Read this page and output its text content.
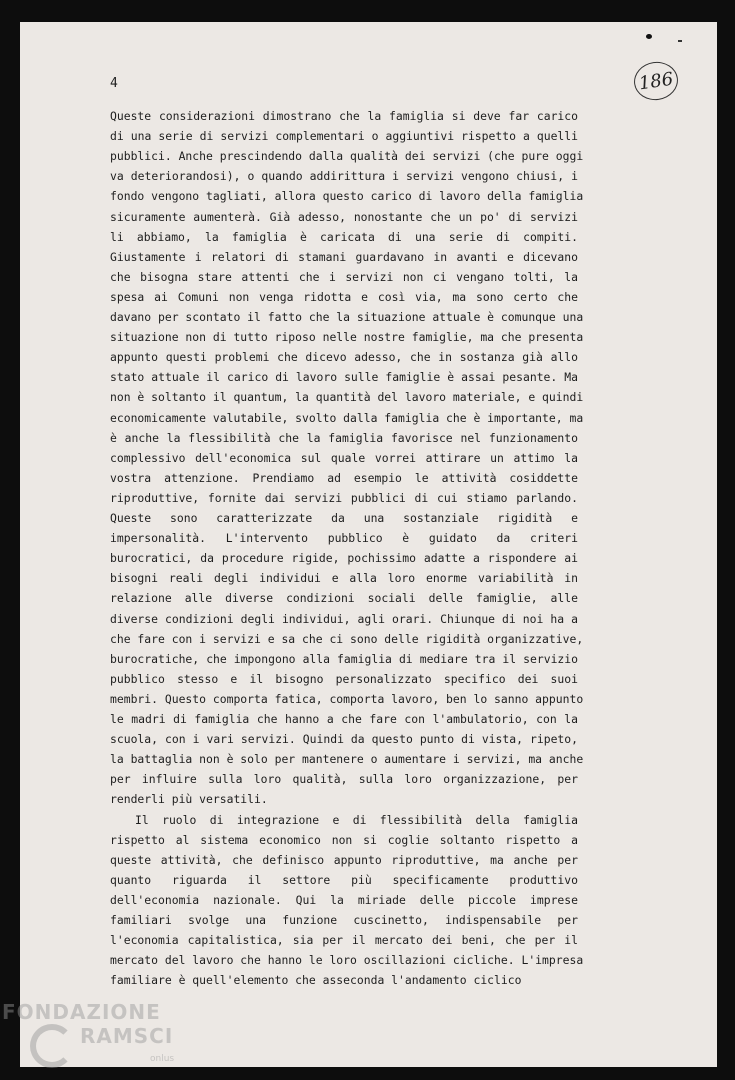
4	186
Queste considerazioni dimostrano che la famiglia si deve far carico
di una serie di servizi complementari o aggiuntivi rispetto a quelli
pubblici. Anche prescindendo dalla qualità dei servizi (che pure oggi
va deteriorandosi), o quando addirittura i servizi vengono chiusi, i
fondo vengono tagliati, allora questo carico di lavoro della famiglia
sicuramente aumenterà. Già adesso, nonostante che un po' di servizi
li abbiamo, la famiglia è caricata di una serie di compiti.
Giustamente i relatori di stamani guardavano in avanti e dicevano
che bisogna stare attenti che i servizi non ci vengano tolti, la
spesa ai Comuni non venga ridotta e così via, ma sono certo che
davano per scontato il fatto che la situazione attuale è comunque una
situazione non di tutto riposo nelle nostre famiglie, ma che presenta
appunto questi problemi che dicevo adesso, che in sostanza già allo
stato attuale il carico di lavoro sulle famiglie è assai pesante. Ma
non è soltanto il quantum, la quantità del lavoro materiale, e quindi
economicamente valutabile, svolto dalla famiglia che è importante, ma
è anche la flessibilità che la famiglia favorisce nel funzionamento
complessivo dell'economica sul quale vorrei attirare un attimo la
vostra attenzione. Prendiamo ad esempio le attività cosiddette
riproduttive, fornite dai servizi pubblici di cui stiamo parlando.
Queste sono caratterizzate da una sostanziale rigidità e
impersonalità. L'intervento pubblico è guidato da criteri
burocratici, da procedure rigide, pochissimo adatte a rispondere ai
bisogni reali degli individui e alla loro enorme variabilità in
relazione alle diverse condizioni sociali delle famiglie, alle
diverse condizioni degli individui, agli orari. Chiunque di noi ha a
che fare con i servizi e sa che ci sono delle rigidità organizzative,
burocratiche, che impongono alla famiglia di mediare tra il servizio
pubblico stesso e il bisogno personalizzato specifico dei suoi
membri. Questo comporta fatica, comporta lavoro, ben lo sanno appunto
le madri di famiglia che hanno a che fare con l'ambulatorio, con la
scuola, con i vari servizi. Quindi da questo punto di vista, ripeto,
la battaglia non è solo per mantenere o aumentare i servizi, ma anche
per influire sulla loro qualità, sulla loro organizzazione, per
renderli più versatili.
Il ruolo di integrazione e di flessibilità della famiglia
rispetto al sistema economico non si coglie soltanto rispetto a
queste attività, che definisco appunto riproduttive, ma anche per
quanto riguarda il settore più specificamente produttivo
dell'economia nazionale. Qui la miriade delle piccole imprese
familiari svolge una funzione cuscinetto, indispensabile per
l'economia capitalistica, sia per il mercato dei beni, che per il
mercato del lavoro che hanno le loro oscillazioni cicliche. L'impresa
familiare è quell'elemento che asseconda l'andamento ciclico
FONDAZIONE
RAMSCI
onlus
